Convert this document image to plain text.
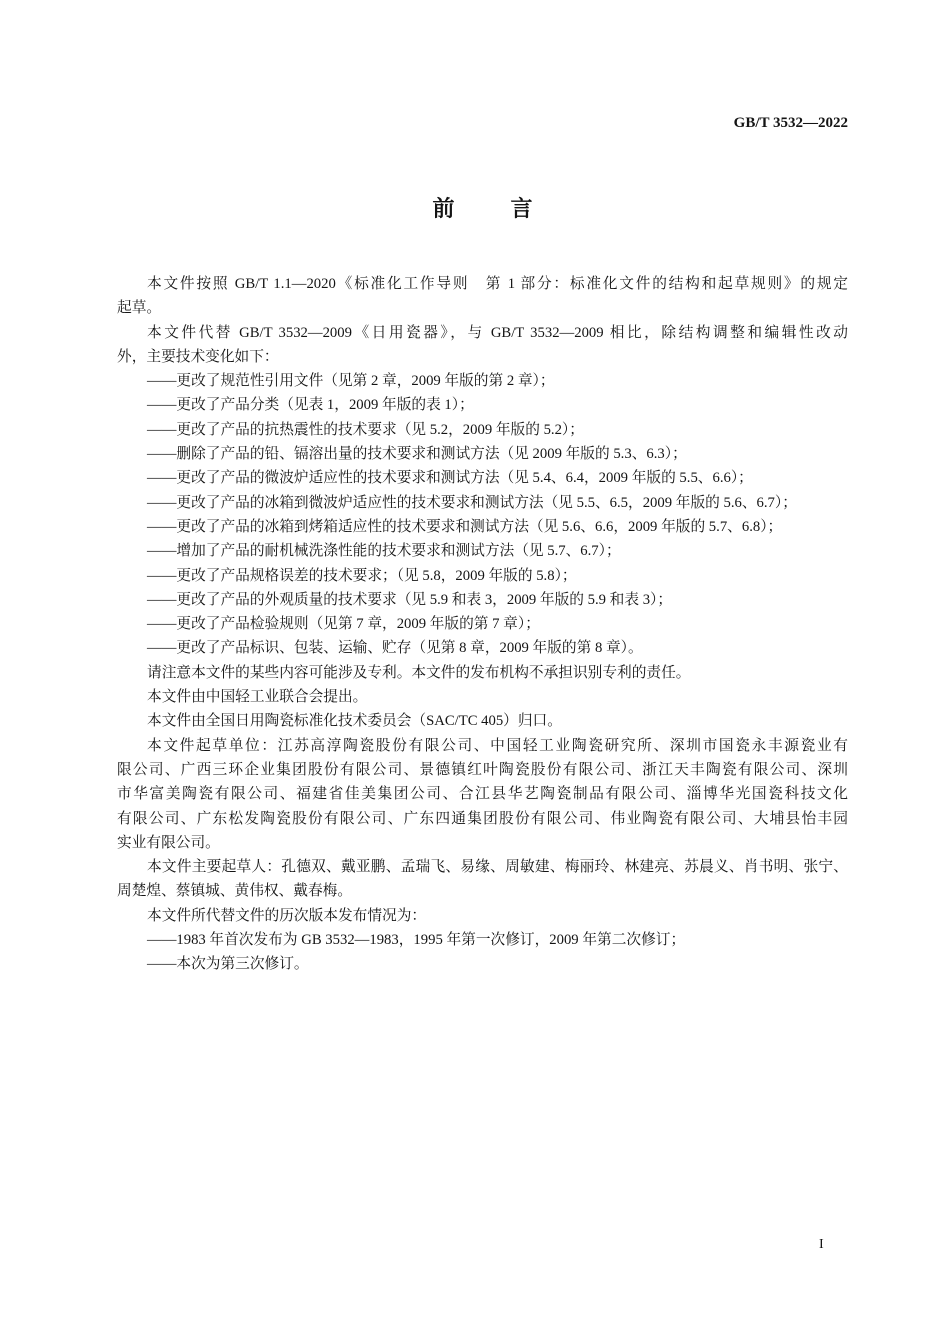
GB/T 3532—2022
前　　言
本文件按照 GB/T 1.1—2020《标准化工作导则　第 1 部分：标准化文件的结构和起草规则》的规定
起草。
本文件代替 GB/T 3532—2009《日用瓷器》，与 GB/T 3532—2009 相比，除结构调整和编辑性改动
外，主要技术变化如下：
——更改了规范性引用文件（见第 2 章，2009 年版的第 2 章）；
——更改了产品分类（见表 1，2009 年版的表 1）；
——更改了产品的抗热震性的技术要求（见 5.2，2009 年版的 5.2）；
——删除了产品的铅、镉溶出量的技术要求和测试方法（见 2009 年版的 5.3、6.3）；
——更改了产品的微波炉适应性的技术要求和测试方法（见 5.4、6.4，2009 年版的 5.5、6.6）；
——更改了产品的冰箱到微波炉适应性的技术要求和测试方法（见 5.5、6.5，2009 年版的 5.6、6.7）；
——更改了产品的冰箱到烤箱适应性的技术要求和测试方法（见 5.6、6.6，2009 年版的 5.7、6.8）；
——增加了产品的耐机械洗涤性能的技术要求和测试方法（见 5.7、6.7）；
——更改了产品规格误差的技术要求；（见 5.8，2009 年版的 5.8）；
——更改了产品的外观质量的技术要求（见 5.9 和表 3，2009 年版的 5.9 和表 3）；
——更改了产品检验规则（见第 7 章，2009 年版的第 7 章）；
——更改了产品标识、包装、运输、贮存（见第 8 章，2009 年版的第 8 章）。
请注意本文件的某些内容可能涉及专利。本文件的发布机构不承担识别专利的责任。
本文件由中国轻工业联合会提出。
本文件由全国日用陶瓷标准化技术委员会（SAC/TC 405）归口。
本文件起草单位：江苏高淳陶瓷股份有限公司、中国轻工业陶瓷研究所、深圳市国瓷永丰源瓷业有
限公司、广西三环企业集团股份有限公司、景德镇红叶陶瓷股份有限公司、浙江天丰陶瓷有限公司、深圳
市华富美陶瓷有限公司、福建省佳美集团公司、合江县华艺陶瓷制品有限公司、淄博华光国瓷科技文化
有限公司、广东松发陶瓷股份有限公司、广东四通集团股份有限公司、伟业陶瓷有限公司、大埔县怡丰园
实业有限公司。
本文件主要起草人：孔德双、戴亚鹏、孟瑞飞、易缘、周敏建、梅丽玲、林建亮、苏晨义、肖书明、张宁、
周楚煌、蔡镇城、黄伟权、戴春梅。
本文件所代替文件的历次版本发布情况为：
——1983 年首次发布为 GB 3532—1983，1995 年第一次修订，2009 年第二次修订；
——本次为第三次修订。
I
